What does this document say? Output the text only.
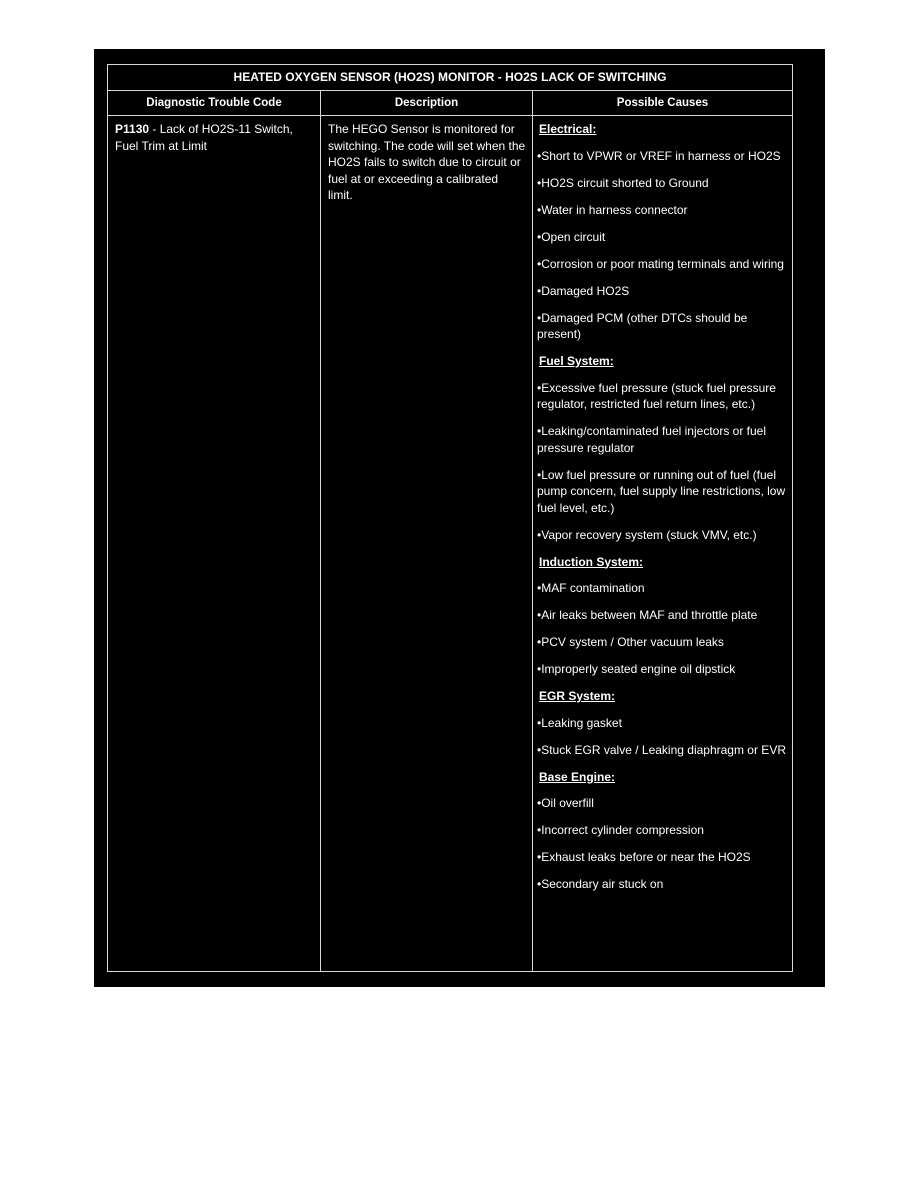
HEATED OXYGEN SENSOR (HO2S) MONITOR - HO2S LACK OF SWITCHING
Diagnostic Trouble Code	Description	Possible Causes
P1130 - Lack of HO2S-11 Switch, Fuel Trim at Limit
The HEGO Sensor is monitored for switching. The code will set when the HO2S fails to switch due to circuit or fuel at or exceeding a calibrated limit.
Electrical:
•Short to VPWR or VREF in harness or HO2S
•HO2S circuit shorted to Ground
•Water in harness connector
•Open circuit
•Corrosion or poor mating terminals and wiring
•Damaged HO2S
•Damaged PCM (other DTCs should be present)
Fuel System:
•Excessive fuel pressure (stuck fuel pressure regulator, restricted fuel return lines, etc.)
•Leaking/contaminated fuel injectors or fuel pressure regulator
•Low fuel pressure or running out of fuel (fuel pump concern, fuel supply line restrictions, low fuel level, etc.)
•Vapor recovery system (stuck VMV, etc.)
Induction System:
•MAF contamination
•Air leaks between MAF and throttle plate
•PCV system / Other vacuum leaks
•Improperly seated engine oil dipstick
EGR System:
•Leaking gasket
•Stuck EGR valve / Leaking diaphragm or EVR
Base Engine:
•Oil overfill
•Incorrect cylinder compression
•Exhaust leaks before or near the HO2S
•Secondary air stuck on
